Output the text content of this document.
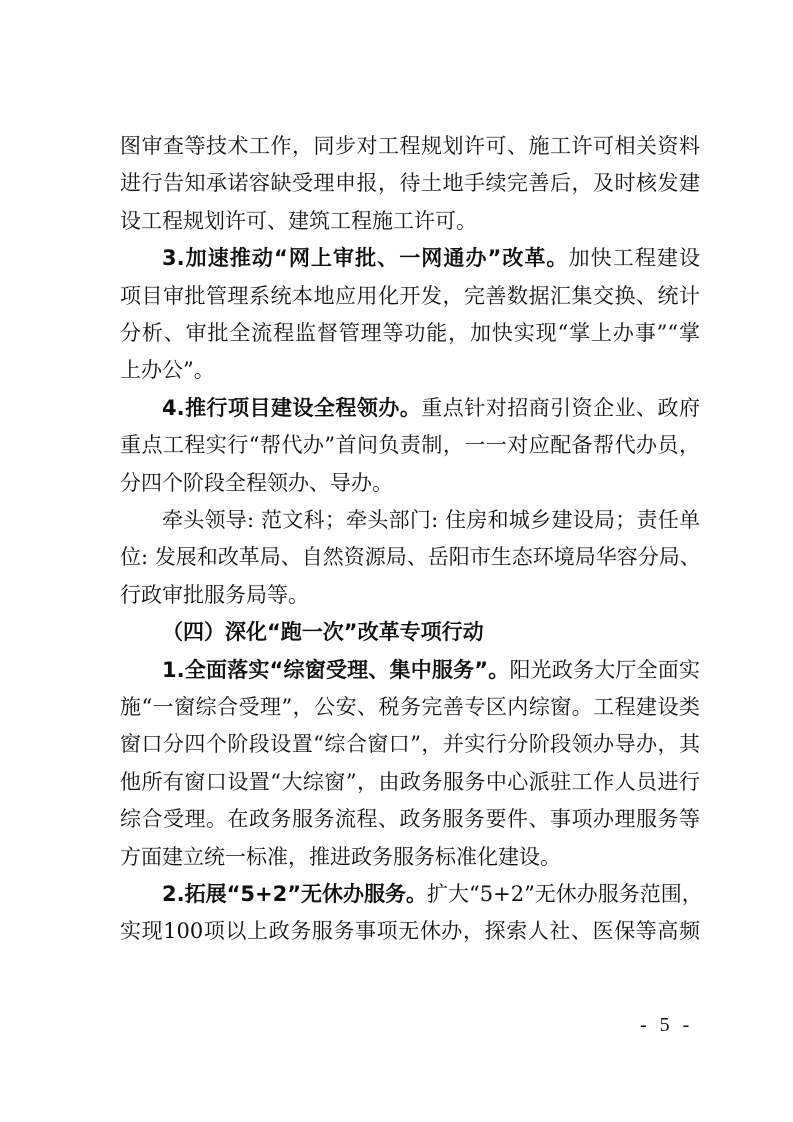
图审查等技术工作，同步对工程规划许可、施工许可相关资料
进行告知承诺容缺受理申报，待土地手续完善后，及时核发建
设工程规划许可、建筑工程施工许可。
3.加速推动“网上审批、一网通办”改革。加快工程建设
项目审批管理系统本地应用化开发，完善数据汇集交换、统计
分析、审批全流程监督管理等功能，加快实现“掌上办事”“掌
上办公”。
4.推行项目建设全程领办。重点针对招商引资企业、政府
重点工程实行“帮代办”首问负责制，一一对应配备帮代办员，
分四个阶段全程领办、导办。
牵头领导: 范文科；牵头部门: 住房和城乡建设局；责任单
位: 发展和改革局、自然资源局、岳阳市生态环境局华容分局、
行政审批服务局等。
（四）深化“跑一次”改革专项行动
1.全面落实“综窗受理、集中服务”。阳光政务大厅全面实
施“一窗综合受理”，公安、税务完善专区内综窗。工程建设类
窗口分四个阶段设置“综合窗口”，并实行分阶段领办导办，其
他所有窗口设置“大综窗”，由政务服务中心派驻工作人员进行
综合受理。在政务服务流程、政务服务要件、事项办理服务等
方面建立统一标准，推进政务服务标准化建设。
2.拓展“5+2”无休办服务。扩大“5+2”无休办服务范围，
实现100项以上政务服务事项无休办，探索人社、医保等高频
- 5 -
